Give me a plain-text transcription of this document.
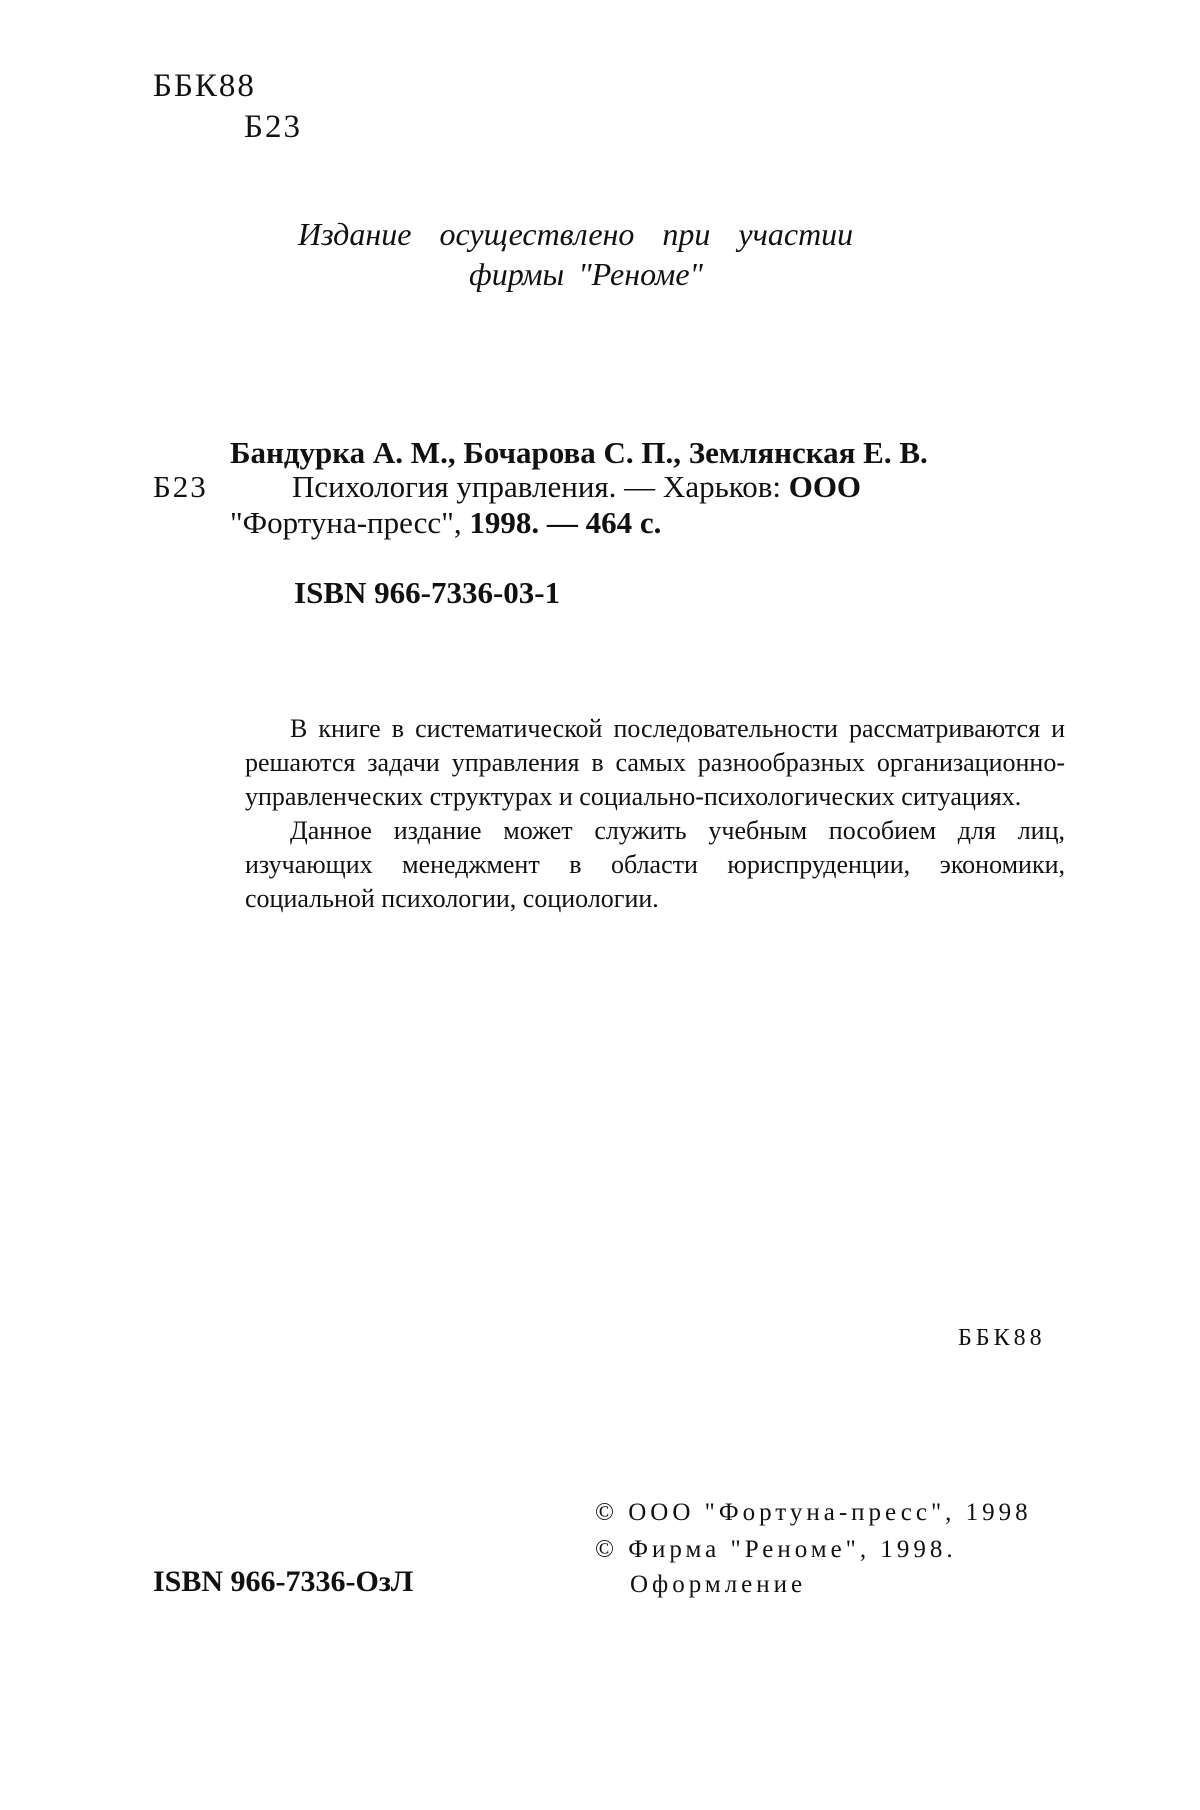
ББК88
Б23
Издание осуществлено при участии
фирмы "Реноме"
Бандурка А. М., Бочарова С. П., Землянская Е. В.
Б23	Психология управления. — Харьков: ООО
"Фортуна-пресс", 1998. — 464 с.
ISBN 966-7336-03-1

В книге в систематической последовательности рассматриваются и решаются задачи управления в самых разнообразных организационно-управленческих структурах и социально-психологических ситуациях.

Данное издание может служить учебным пособием для лиц, изучающих менеджмент в области юриспруденции, экономики, социальной психологии, социологии.

ББК88
© ООО "Фортуна-пресс", 1998
© Фирма "Реноме", 1998.
Оформление
ISBN 966-7336-ОзЛ
